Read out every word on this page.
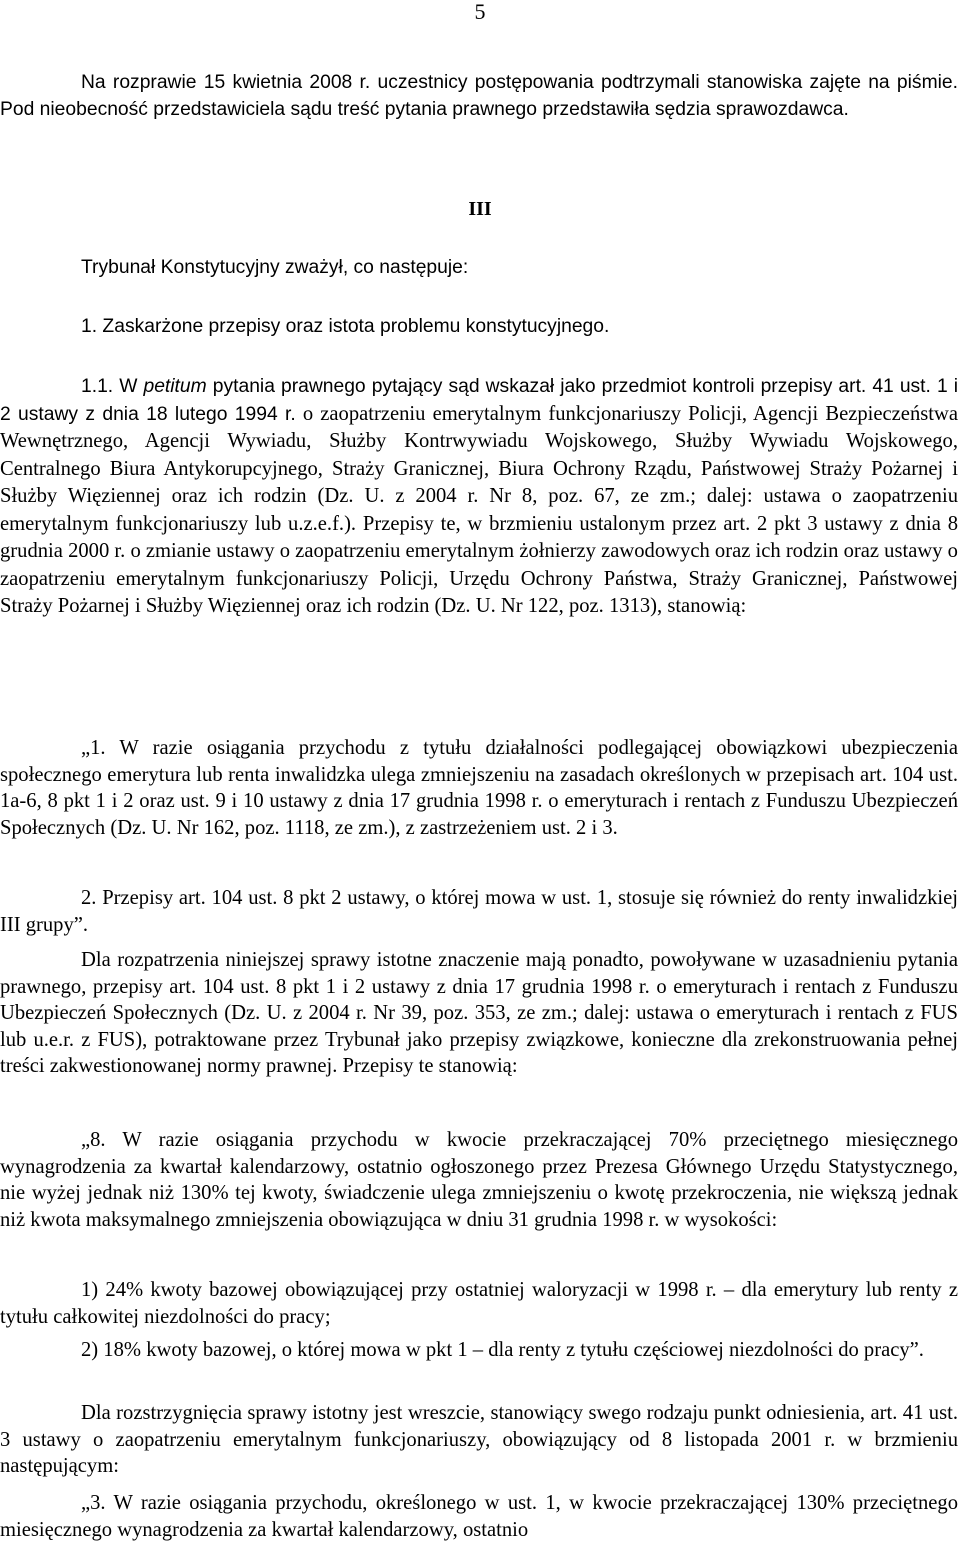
5

Na rozprawie 15 kwietnia 2008 r. uczestnicy postępowania podtrzymali stanowiska zajęte na piśmie. Pod nieobecność przedstawiciela sądu treść pytania prawnego przedstawiła sędzia sprawozdawca.

III

Trybunał Konstytucyjny zważył, co następuje:

1. Zaskarżone przepisy oraz istota problemu konstytucyjnego.

1.1. W petitum pytania prawnego pytający sąd wskazał jako przedmiot kontroli przepisy art. 41 ust. 1 i 2 ustawy z dnia 18 lutego 1994 r. o zaopatrzeniu emerytalnym funkcjonariuszy Policji, Agencji Bezpieczeństwa Wewnętrznego, Agencji Wywiadu, Służby Kontrwywiadu Wojskowego, Służby Wywiadu Wojskowego, Centralnego Biura Antykorupcyjnego, Straży Granicznej, Biura Ochrony Rządu, Państwowej Straży Pożarnej i Służby Więziennej oraz ich rodzin (Dz. U. z 2004 r. Nr 8, poz. 67, ze zm.; dalej: ustawa o zaopatrzeniu emerytalnym funkcjonariuszy lub u.z.e.f.). Przepisy te, w brzmieniu ustalonym przez art. 2 pkt 3 ustawy z dnia 8 grudnia 2000 r. o zmianie ustawy o zaopatrzeniu emerytalnym żołnierzy zawodowych oraz ich rodzin oraz ustawy o zaopatrzeniu emerytalnym funkcjonariuszy Policji, Urzędu Ochrony Państwa, Straży Granicznej, Państwowej Straży Pożarnej i Służby Więziennej oraz ich rodzin (Dz. U. Nr 122, poz. 1313), stanowią:

„1. W razie osiągania przychodu z tytułu działalności podlegającej obowiązkowi ubezpieczenia społecznego emerytura lub renta inwalidzka ulega zmniejszeniu na zasadach określonych w przepisach art. 104 ust. 1a-6, 8 pkt 1 i 2 oraz ust. 9 i 10 ustawy z dnia 17 grudnia 1998 r. o emeryturach i rentach z Funduszu Ubezpieczeń Społecznych (Dz. U. Nr 162, poz. 1118, ze zm.), z zastrzeżeniem ust. 2 i 3.

2. Przepisy art. 104 ust. 8 pkt 2 ustawy, o której mowa w ust. 1, stosuje się również do renty inwalidzkiej III grupy”.

Dla rozpatrzenia niniejszej sprawy istotne znaczenie mają ponadto, powoływane w uzasadnieniu pytania prawnego, przepisy art. 104 ust. 8 pkt 1 i 2 ustawy z dnia 17 grudnia 1998 r. o emeryturach i rentach z Funduszu Ubezpieczeń Społecznych (Dz. U. z 2004 r. Nr 39, poz. 353, ze zm.; dalej: ustawa o emeryturach i rentach z FUS lub u.e.r. z FUS), potraktowane przez Trybunał jako przepisy związkowe, konieczne dla zrekonstruowania pełnej treści zakwestionowanej normy prawnej. Przepisy te stanowią:

„8. W razie osiągania przychodu w kwocie przekraczającej 70% przeciętnego miesięcznego wynagrodzenia za kwartał kalendarzowy, ostatnio ogłoszonego przez Prezesa Głównego Urzędu Statystycznego, nie wyżej jednak niż 130% tej kwoty, świadczenie ulega zmniejszeniu o kwotę przekroczenia, nie większą jednak niż kwota maksymalnego zmniejszenia obowiązująca w dniu 31 grudnia 1998 r. w wysokości:

1) 24% kwoty bazowej obowiązującej przy ostatniej waloryzacji w 1998 r. – dla emerytury lub renty z tytułu całkowitej niezdolności do pracy;

2) 18% kwoty bazowej, o której mowa w pkt 1 – dla renty z tytułu częściowej niezdolności do pracy”.

Dla rozstrzygnięcia sprawy istotny jest wreszcie, stanowiący swego rodzaju punkt odniesienia, art. 41 ust. 3 ustawy o zaopatrzeniu emerytalnym funkcjonariuszy, obowiązujący od 8 listopada 2001 r. w brzmieniu następującym:

„3. W razie osiągania przychodu, określonego w ust. 1, w kwocie przekraczającej 130% przeciętnego miesięcznego wynagrodzenia za kwartał kalendarzowy, ostatnio
